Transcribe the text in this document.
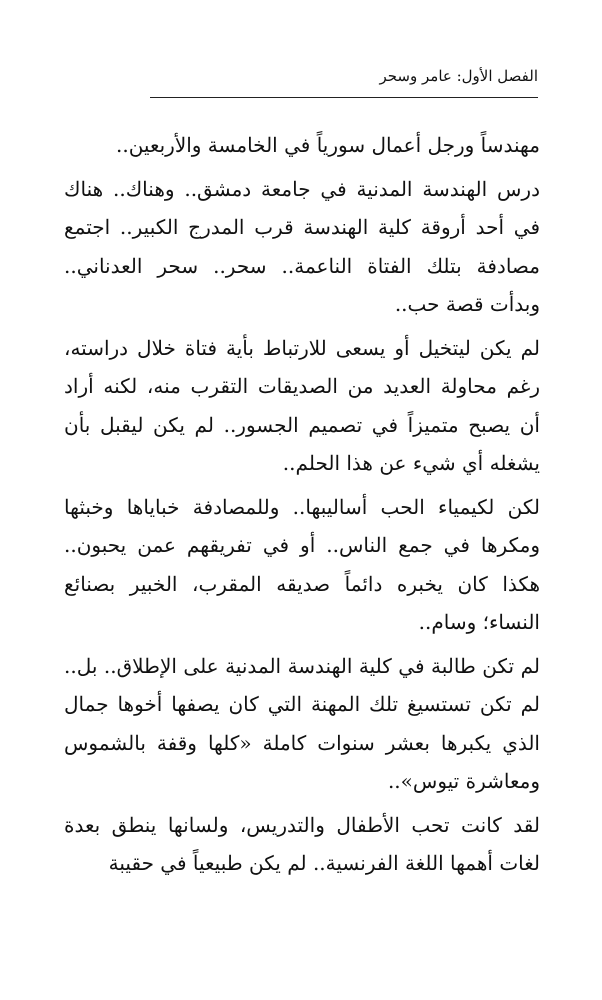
الفصل الأول: عامر وسحر

مهندساً ورجل أعمال سورياً في الخامسة والأربعين..

درس الهندسة المدنية في جامعة دمشق.. وهناك.. هناك في أحد أروقة كلية الهندسة قرب المدرج الكبير.. اجتمع مصادفة بتلك الفتاة الناعمة.. سحر.. سحر العدناني.. وبدأت قصة حب..

لم يكن ليتخيل أو يسعى للارتباط بأية فتاة خلال دراسته، رغم محاولة العديد من الصديقات التقرب منه، لكنه أراد أن يصبح متميزاً في تصميم الجسور.. لم يكن ليقبل بأن يشغله أي شيء عن هذا الحلم..

لكن لكيمياء الحب أساليبها.. وللمصادفة خباياها وخبثها ومكرها في جمع الناس.. أو في تفريقهم عمن يحبون.. هكذا كان يخبره دائماً صديقه المقرب، الخبير بصنائع النساء؛ وسام..

لم تكن طالبة في كلية الهندسة المدنية على الإطلاق.. بل.. لم تكن تستسيغ تلك المهنة التي كان يصفها أخوها جمال الذي يكبرها بعشر سنوات كاملة «كلها وقفة بالشموس ومعاشرة تيوس»..

لقد كانت تحب الأطفال والتدريس، ولسانها ينطق بعدة لغات أهمها اللغة الفرنسية.. لم يكن طبيعياً في حقيبة
